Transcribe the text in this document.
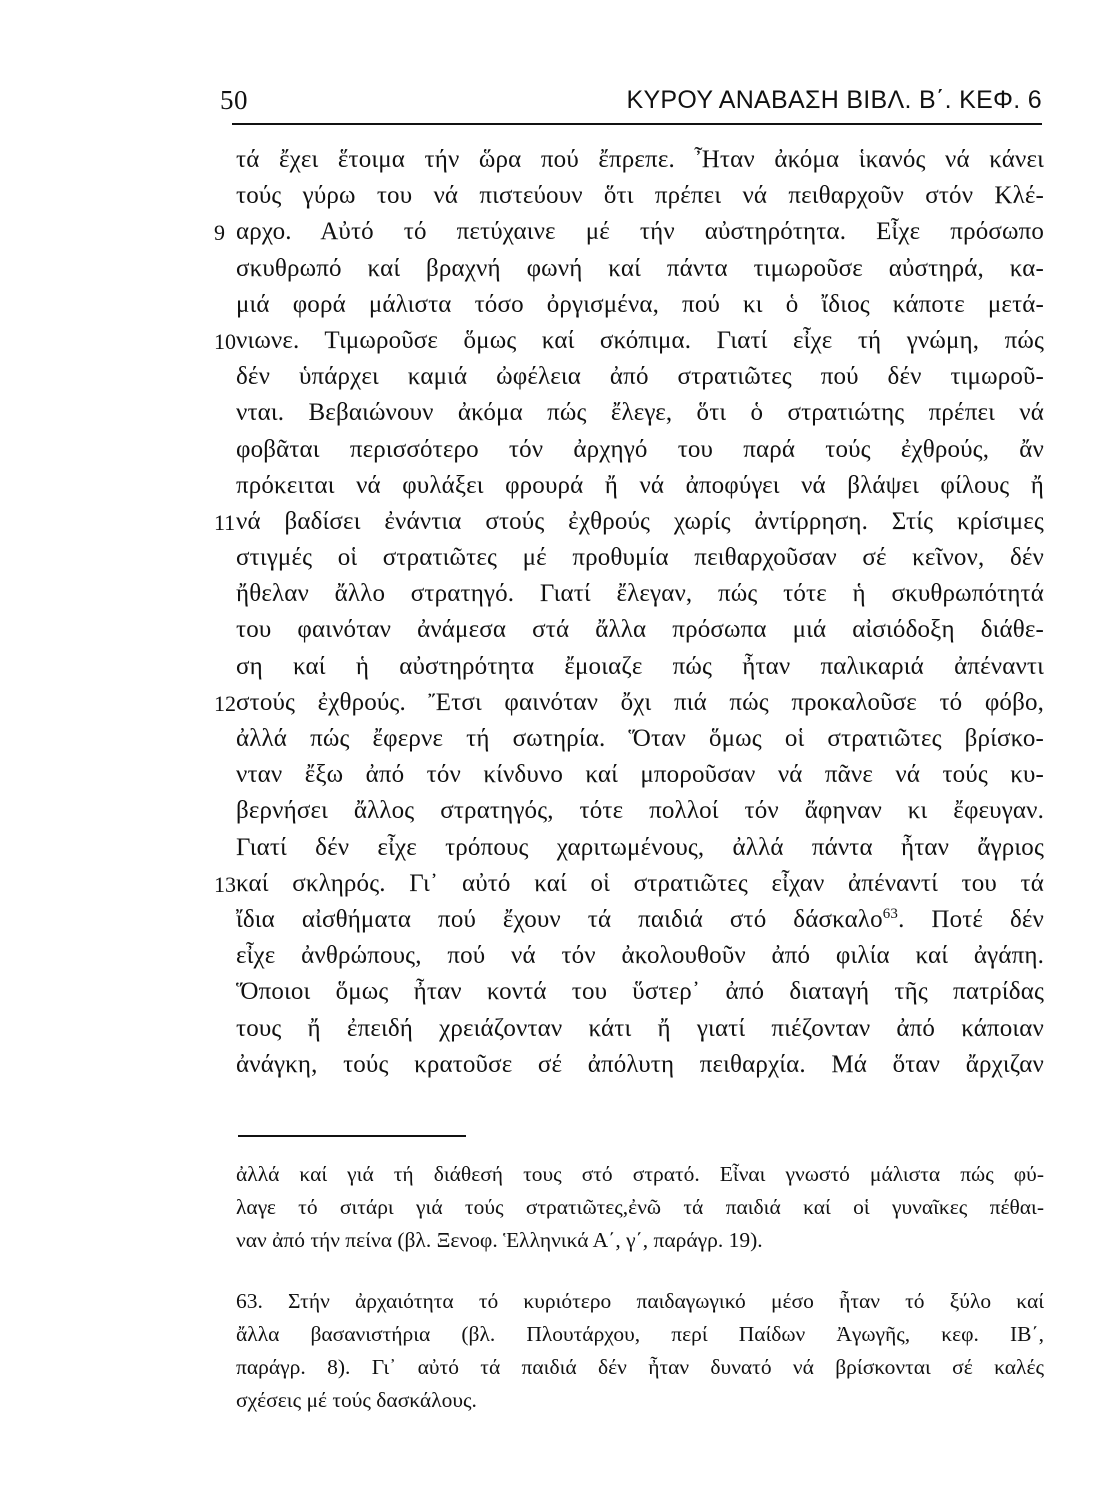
50	ΚΥΡΟΥ ΑΝΑΒΑΣΗ ΒΙΒΛ. Β΄. ΚΕΦ. 6
τά ἔχει ἕτοιμα τήν ὥρα πού ἔπρεπε. Ἦταν ἀκόμα ἱκανός νά κάνει
τούς γύρω του νά πιστεύουν ὅτι πρέπει νά πειθαρχοῦν στόν Κλέ-
9 αρχο. Αὐτό τό πετύχαινε μέ τήν αὐστηρότητα. Εἶχε πρόσωπο
σκυθρωπό καί βραχνή φωνή καί πάντα τιμωροῦσε αὐστηρά, κα-
μιά φορά μάλιστα τόσο ὀργισμένα, πού κι ὁ ἴδιος κάποτε μετά-
10 νιωνε. Τιμωροῦσε ὅμως καί σκόπιμα. Γιατί εἶχε τή γνώμη, πώς
δέν ὑπάρχει καμιά ὠφέλεια ἀπό στρατιῶτες πού δέν τιμωροῦ-
νται. Βεβαιώνουν ἀκόμα πώς ἔλεγε, ὅτι ὁ στρατιώτης πρέπει νά
φοβᾶται περισσότερο τόν ἀρχηγό του παρά τούς ἐχθρούς, ἄν
πρόκειται νά φυλάξει φρουρά ἤ νά ἀποφύγει νά βλάψει φίλους ἤ
11 νά βαδίσει ἐνάντια στούς ἐχθρούς χωρίς ἀντίρρηση. Στίς κρίσιμες
στιγμές οἱ στρατιῶτες μέ προθυμία πειθαρχοῦσαν σέ κεῖνον, δέν
ἤθελαν ἄλλο στρατηγό. Γιατί ἔλεγαν, πώς τότε ἡ σκυθρωπότητά
του φαινόταν ἀνάμεσα στά ἄλλα πρόσωπα μιά αἰσιόδοξη διάθε-
ση καί ἡ αὐστηρότητα ἔμοιαζε πώς ἦταν παλικαριά ἀπέναντι
12 στούς ἐχθρούς. Ἔτσι φαινόταν ὄχι πιά πώς προκαλοῦσε τό φόβο,
ἀλλά πώς ἔφερνε τή σωτηρία. Ὅταν ὅμως οἱ στρατιῶτες βρίσκο-
νταν ἔξω ἀπό τόν κίνδυνο καί μποροῦσαν νά πᾶνε νά τούς κυ-
βερνήσει ἄλλος στρατηγός, τότε πολλοί τόν ἄφηναν κι ἔφευγαν.
Γιατί δέν εἶχε τρόπους χαριτωμένους, ἀλλά πάντα ἦταν ἄγριος
13 καί σκληρός. Γι᾿ αὐτό καί οἱ στρατιῶτες εἶχαν ἀπέναντί του τά
ἴδια αἰσθήματα πού ἔχουν τά παιδιά στό δάσκαλο$^{63}$. Ποτέ δέν
εἶχε ἀνθρώπους, πού νά τόν ἀκολουθοῦν ἀπό φιλία καί ἀγάπη.
Ὅποιοι ὅμως ἦταν κοντά του ὕστερ᾿ ἀπό διαταγή τῆς πατρίδας
τους ἤ ἐπειδή χρειάζονταν κάτι ἤ γιατί πιέζονταν ἀπό κάποιαν
ἀνάγκη, τούς κρατοῦσε σέ ἀπόλυτη πειθαρχία. Μά ὅταν ἄρχιζαν
ἀλλά καί γιά τή διάθεσή τους στό στρατό. Εἶναι γνωστό μάλιστα πώς φύ-
λαγε τό σιτάρι γιά τούς στρατιῶτες,ἐνῶ τά παιδιά καί οἱ γυναῖκες πέθαι-
ναν ἀπό τήν πείνα (βλ. Ξενοφ. Ἑλληνικά Α΄, γ΄, παράγρ. 19).
63. Στήν ἀρχαιότητα τό κυριότερο παιδαγωγικό μέσο ἦταν τό ξύλο καί
ἄλλα βασανιστήρια (βλ. Πλουτάρχου, περί Παίδων Ἀγωγῆς, κεφ. ΙΒ΄,
παράγρ. 8). Γι᾿ αὐτό τά παιδιά δέν ἦταν δυνατό νά βρίσκονται σέ καλές
σχέσεις μέ τούς δασκάλους.
